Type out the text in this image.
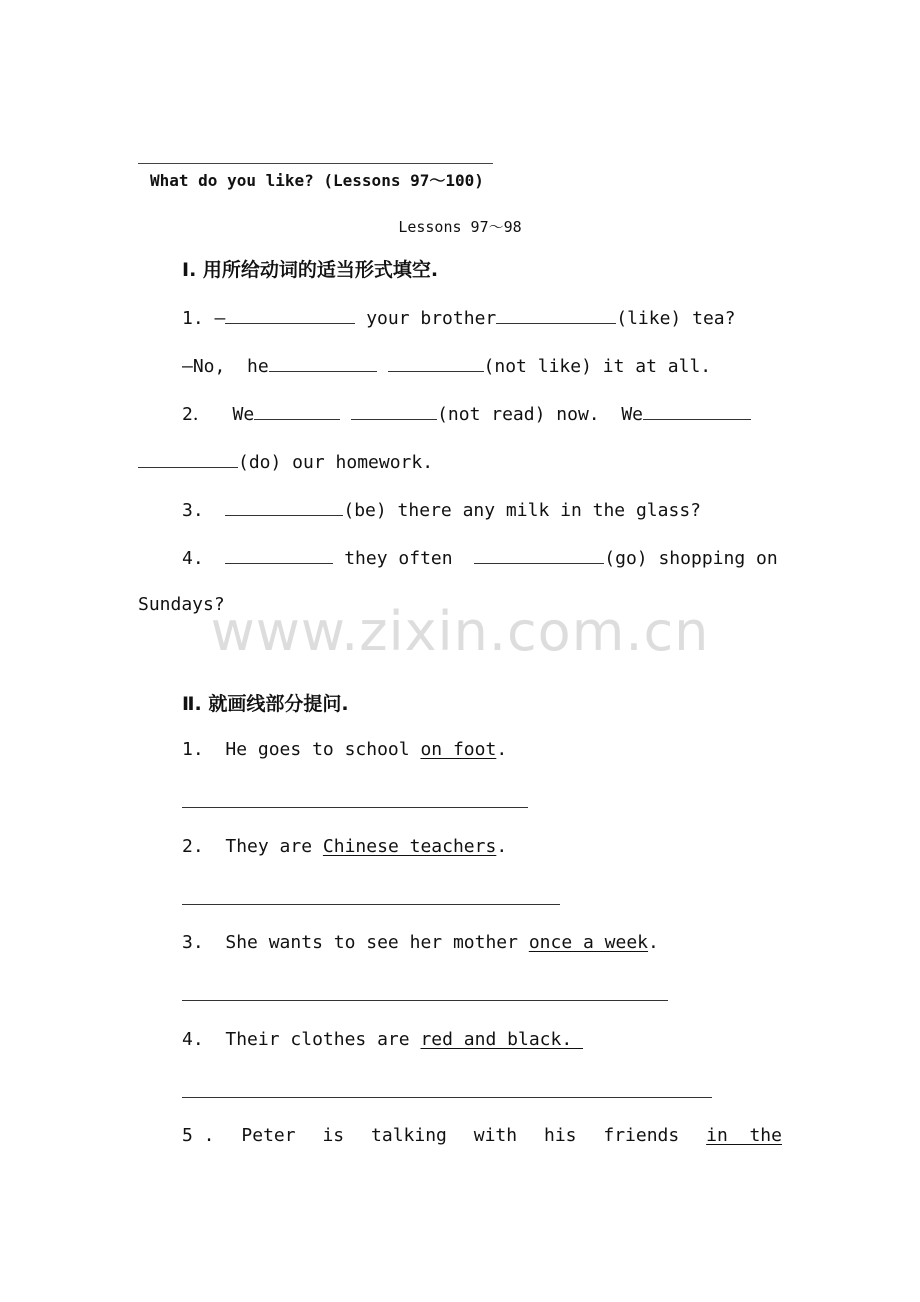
What do you like? (Lessons 97～100)
Lessons 97～98
Ⅰ. 用所给动词的适当形式填空.
1. —	your brother	(like) tea?
—No,  he	(not like) it at all.
2． We	(not read) now. We
(do) our homework.
3.	(be) there any milk in the glass?
4.	they often	(go) shopping on
Sundays?
www.zixin.com.cn
Ⅱ. 就画线部分提问.
1. He goes to school on foot.
2. They are Chinese teachers.
3. She wants to see her mother once a week.
4. Their clothes are red and black.
5 . Peter is talking with his friends in  the
